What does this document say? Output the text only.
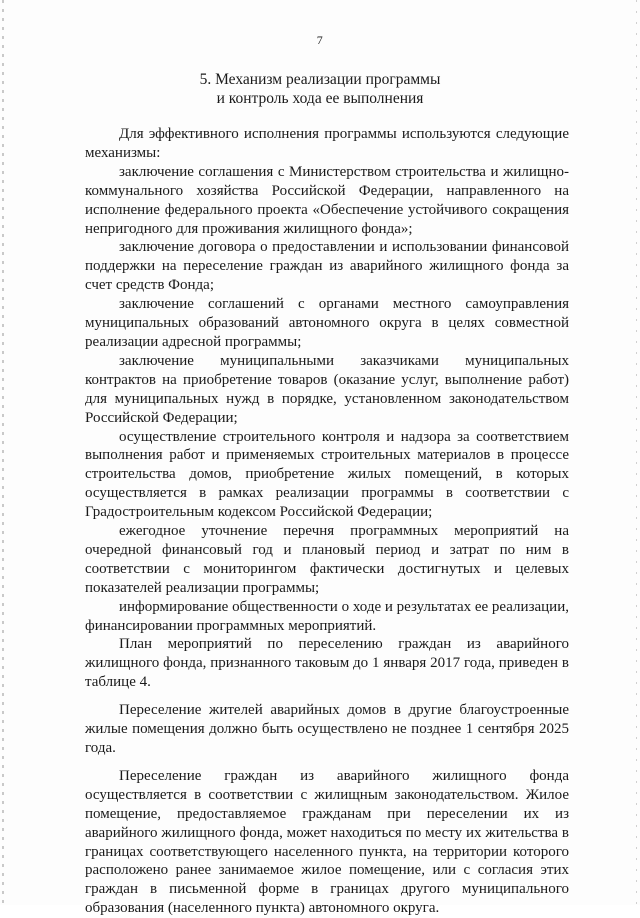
7
5. Механизм реализации программы
и контроль хода ее выполнения

Для эффективного исполнения программы используются следующие механизмы:

заключение соглашения с Министерством строительства и жилищно-коммунального хозяйства Российской Федерации, направленного на исполнение федерального проекта «Обеспечение устойчивого сокращения непригодного для проживания жилищного фонда»;

заключение договора о предоставлении и использовании финансовой поддержки на переселение граждан из аварийного жилищного фонда за счет средств Фонда;

заключение соглашений с органами местного самоуправления муниципальных образований автономного округа в целях совместной реализации адресной программы;

заключение муниципальными заказчиками муниципальных контрактов на приобретение товаров (оказание услуг, выполнение работ) для муниципальных нужд в порядке, установленном законодательством Российской Федерации;

осуществление строительного контроля и надзора за соответствием выполнения работ и применяемых строительных материалов в процессе строительства домов, приобретение жилых помещений, в которых осуществляется в рамках реализации программы в соответствии с Градостроительным кодексом Российской Федерации;

ежегодное уточнение перечня программных мероприятий на очередной финансовый год и плановый период и затрат по ним в соответствии с мониторингом фактически достигнутых и целевых показателей реализации программы;

информирование общественности о ходе и результатах ее реализации, финансировании программных мероприятий.

План мероприятий по переселению граждан из аварийного жилищного фонда, признанного таковым до 1 января 2017 года, приведен в таблице 4.

Переселение жителей аварийных домов в другие благоустроенные жилые помещения должно быть осуществлено не позднее 1 сентября 2025 года.

Переселение граждан из аварийного жилищного фонда осуществляется в соответствии с жилищным законодательством. Жилое помещение, предоставляемое гражданам при переселении их из аварийного жилищного фонда, может находиться по месту их жительства в границах соответствующего населенного пункта, на территории которого расположено ранее занимаемое жилое помещение, или с согласия этих граждан в письменной форме в границах другого муниципального образования (населенного пункта) автономного округа.
